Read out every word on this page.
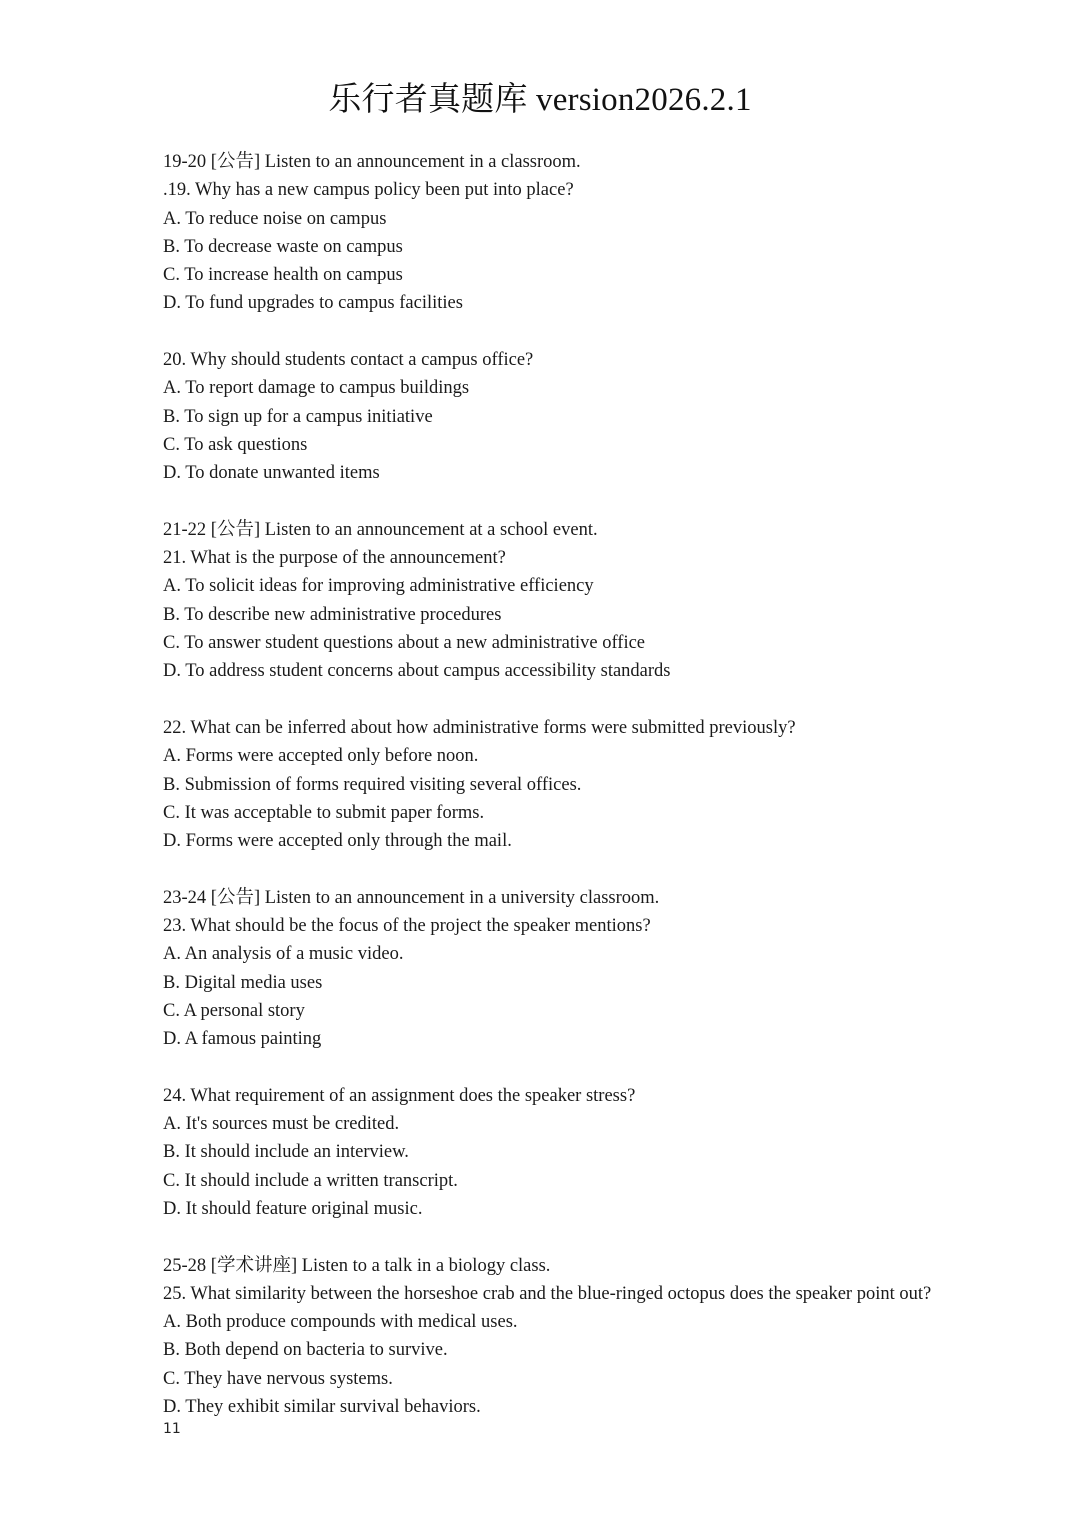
乐行者真题库 version2026.2.1
19-20 [公告] Listen to an announcement in a classroom.
.19. Why has a new campus policy been put into place?
A. To reduce noise on campus
B. To decrease waste on campus
C. To increase health on campus
D. To fund upgrades to campus facilities
20. Why should students contact a campus office?
A. To report damage to campus buildings
B. To sign up for a campus initiative
C. To ask questions
D. To donate unwanted items
21-22 [公告] Listen to an announcement at a school event.
21. What is the purpose of the announcement?
A. To solicit ideas for improving administrative efficiency
B. To describe new administrative procedures
C. To answer student questions about a new administrative office
D. To address student concerns about campus accessibility standards
22. What can be inferred about how administrative forms were submitted previously?
A. Forms were accepted only before noon.
B. Submission of forms required visiting several offices.
C. It was acceptable to submit paper forms.
D. Forms were accepted only through the mail.
23-24 [公告] Listen to an announcement in a university classroom.
23. What should be the focus of the project the speaker mentions?
A. An analysis of a music video.
B. Digital media uses
C. A personal story
D. A famous painting
24. What requirement of an assignment does the speaker stress?
A. It's sources must be credited.
B. It should include an interview.
C. It should include a written transcript.
D. It should feature original music.
25-28 [学术讲座] Listen to a talk in a biology class.
25. What similarity between the horseshoe crab and the blue-ringed octopus does the speaker point out?
A. Both produce compounds with medical uses.
B. Both depend on bacteria to survive.
C. They have nervous systems.
D. They exhibit similar survival behaviors.
11
